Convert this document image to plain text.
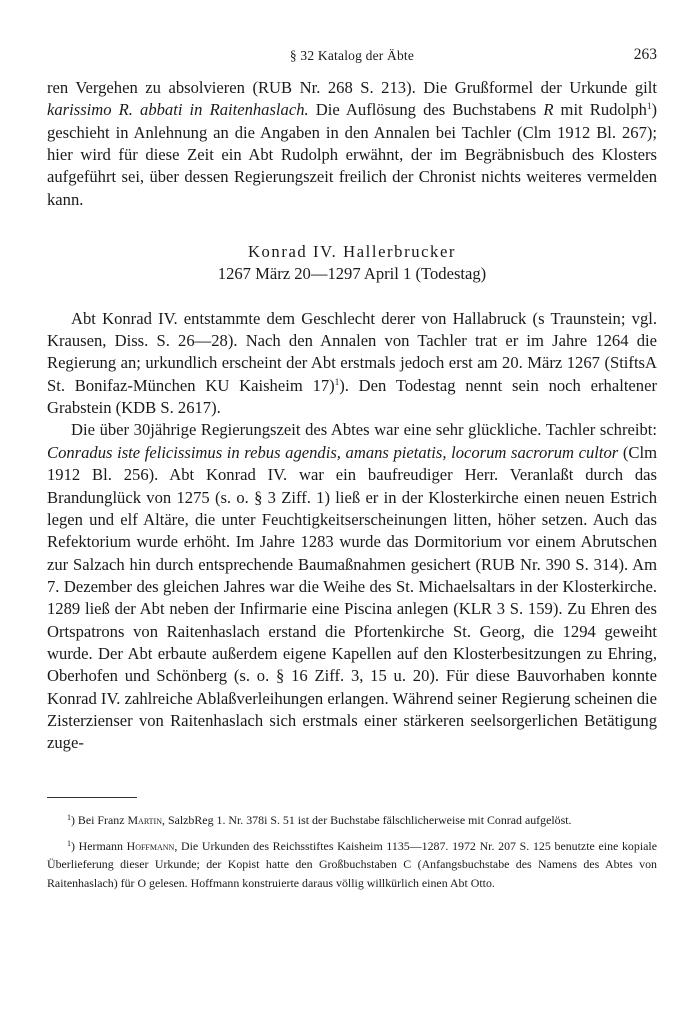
§ 32 Katalog der Äbte	263

ren Vergehen zu absolvieren (RUB Nr. 268 S. 213). Die Grußformel der Urkunde gilt karissimo R. abbati in Raitenhaslach. Die Auflösung des Buchstabens R mit Rudolph$^1$) geschieht in Anlehnung an die Angaben in den Annalen bei Tachler (Clm 1912 Bl. 267); hier wird für diese Zeit ein Abt Rudolph erwähnt, der im Begräbnisbuch des Klosters aufgeführt sei, über dessen Regierungszeit freilich der Chronist nichts weiteres vermelden kann.

Konrad IV. Hallerbrucker
1267 März 20—1297 April 1 (Todestag)

Abt Konrad IV. entstammte dem Geschlecht derer von Hallabruck (s Traunstein; vgl. Krausen, Diss. S. 26—28). Nach den Annalen von Tachler trat er im Jahre 1264 die Regierung an; urkundlich erscheint der Abt erstmals jedoch erst am 20. März 1267 (StiftsA St. Bonifaz-München KU Kaisheim 17)$^1$). Den Todestag nennt sein noch erhaltener Grabstein (KDB S. 2617).

Die über 30jährige Regierungszeit des Abtes war eine sehr glückliche. Tachler schreibt: Conradus iste felicissimus in rebus agendis, amans pietatis, locorum sacrorum cultor (Clm 1912 Bl. 256). Abt Konrad IV. war ein baufreudiger Herr. Veranlaßt durch das Brandunglück von 1275 (s. o. § 3 Ziff. 1) ließ er in der Klosterkirche einen neuen Estrich legen und elf Altäre, die unter Feuchtigkeitserscheinungen litten, höher setzen. Auch das Refektorium wurde erhöht. Im Jahre 1283 wurde das Dormitorium vor einem Abrutschen zur Salzach hin durch entsprechende Baumaßnahmen gesichert (RUB Nr. 390 S. 314). Am 7. Dezember des gleichen Jahres war die Weihe des St. Michaelsaltars in der Klosterkirche. 1289 ließ der Abt neben der Infirmarie eine Piscina anlegen (KLR 3 S. 159). Zu Ehren des Ortspatrons von Raitenhaslach erstand die Pfortenkirche St. Georg, die 1294 geweiht wurde. Der Abt erbaute außerdem eigene Kapellen auf den Klosterbesitzungen zu Ehring, Oberhofen und Schönberg (s. o. § 16 Ziff. 3, 15 u. 20). Für diese Bauvorhaben konnte Konrad IV. zahlreiche Ablaßverleihungen erlangen. Während seiner Regierung scheinen die Zisterzienser von Raitenhaslach sich erstmals einer stärkeren seelsorgerlichen Betätigung zuge-

$^1$) Bei Franz Martin, SalzbReg 1. Nr. 378i S. 51 ist der Buchstabe fälschlicherweise mit Conrad aufgelöst.

$^1$) Hermann Hoffmann, Die Urkunden des Reichsstiftes Kaisheim 1135—1287. 1972 Nr. 207 S. 125 benutzte eine kopiale Überlieferung dieser Urkunde; der Kopist hatte den Großbuchstaben C (Anfangsbuchstabe des Namens des Abtes von Raitenhaslach) für O gelesen. Hoffmann konstruierte daraus völlig willkürlich einen Abt Otto.
